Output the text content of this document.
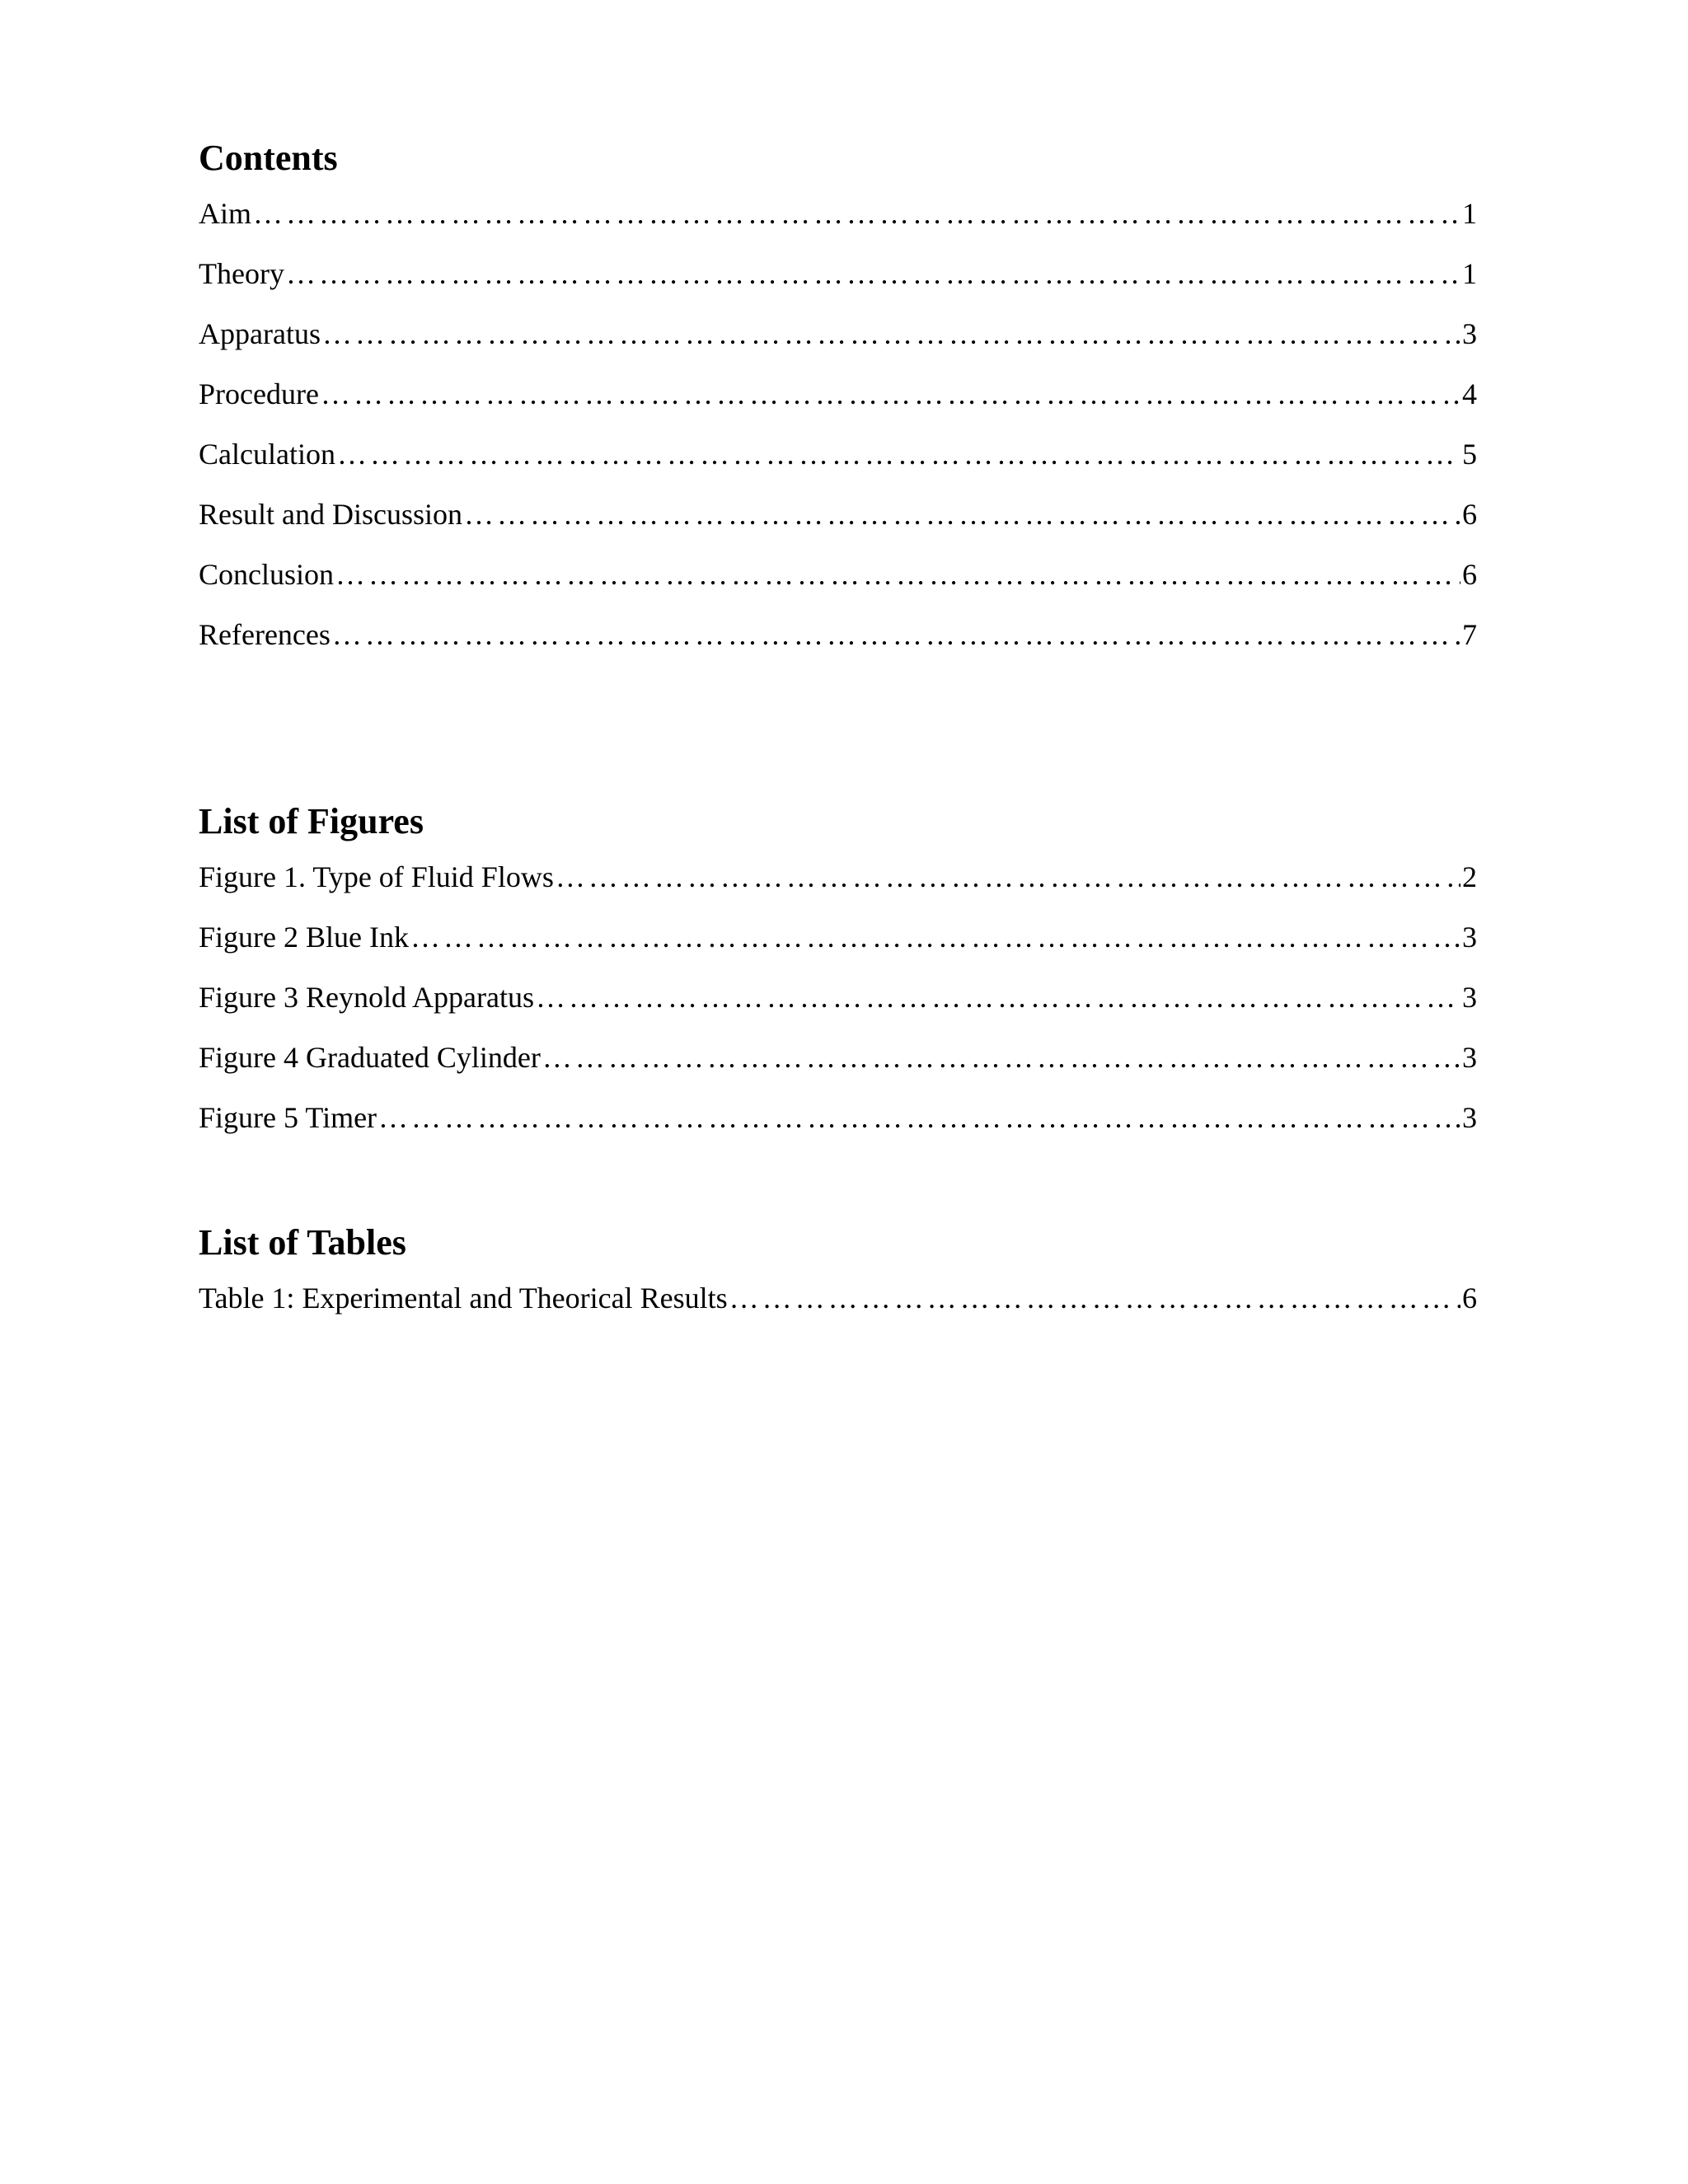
Contents
Aim ……………………………………………………………………………………………………………………………………………………………………………………………………………………………………………………………………	1
Theory ……………………………………………………………………………………………………………………………………………………………………………………………………………………………………………………………………	1
Apparatus ……………………………………………………………………………………………………………………………………………………………………………………………………………………………………………………………………	3
Procedure ……………………………………………………………………………………………………………………………………………………………………………………………………………………………………………………………………	4
Calculation ……………………………………………………………………………………………………………………………………………………………………………………………………………………………………………………………………	5
Result and Discussion ……………………………………………………………………………………………………………………………………………………………………………………………………………………………………………………………………	6
Conclusion ……………………………………………………………………………………………………………………………………………………………………………………………………………………………………………………………………	6
References ……………………………………………………………………………………………………………………………………………………………………………………………………………………………………………………………………	7
List of Figures
Figure 1. Type of Fluid Flows ……………………………………………………………………………………………………………………………………………………………………………………………………………………………………………………………………	2
Figure 2 Blue Ink ……………………………………………………………………………………………………………………………………………………………………………………………………………………………………………………………………	3
Figure 3 Reynold Apparatus ……………………………………………………………………………………………………………………………………………………………………………………………………………………………………………………………………	3
Figure 4 Graduated Cylinder ……………………………………………………………………………………………………………………………………………………………………………………………………………………………………………………………………	3
Figure 5 Timer ……………………………………………………………………………………………………………………………………………………………………………………………………………………………………………………………………	3
List of Tables
Table 1: Experimental and Theorical Results ……………………………………………………………………………………………………………………………………………………………………………………………………………………………………………………………………	6
